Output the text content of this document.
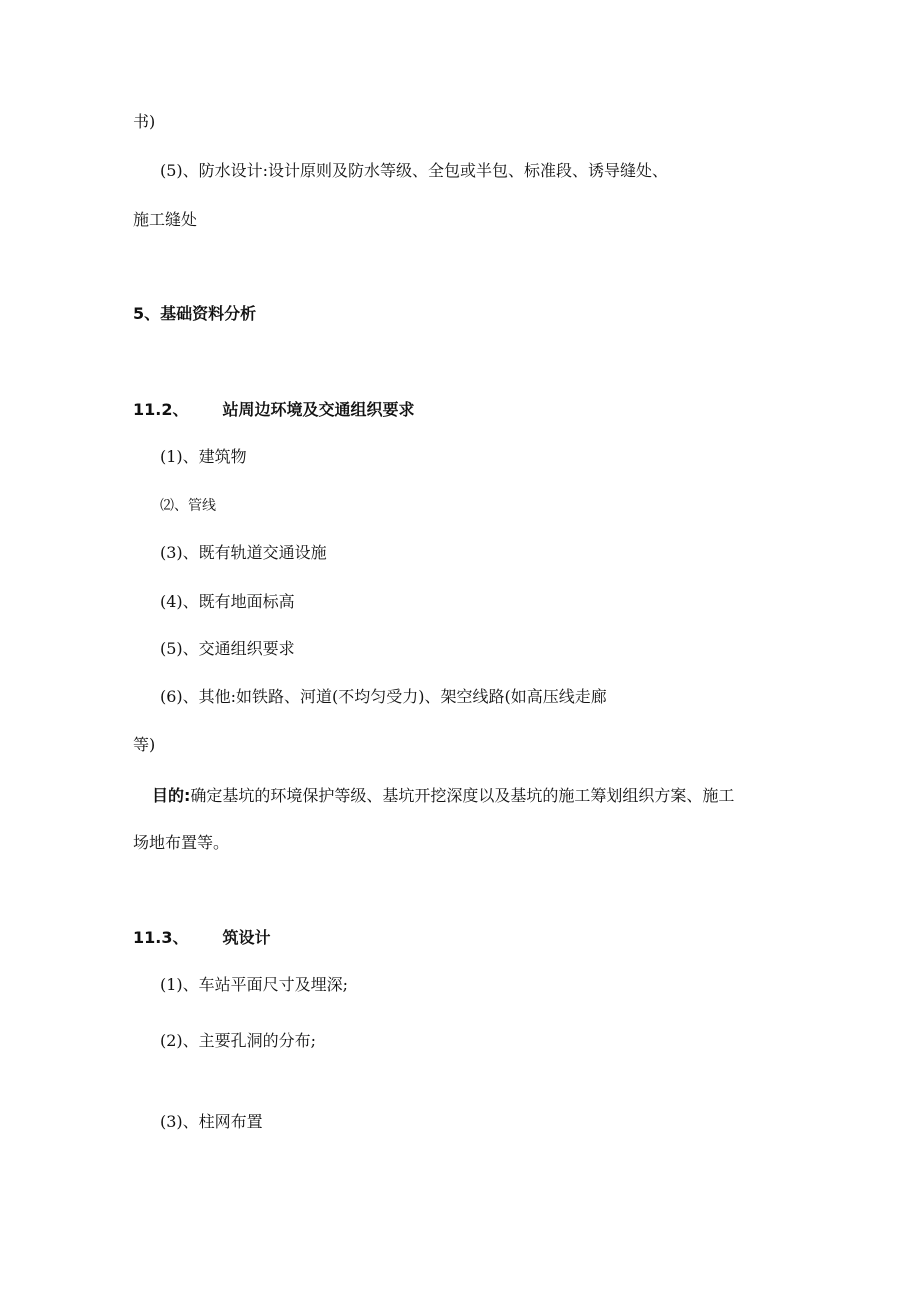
书)
(5)、防水设计:设计原则及防水等级、全包或半包、标准段、诱导缝处、
施工缝处
5、基础资料分析
11.2、 站周边环境及交通组织要求
(1)、建筑物
⑵、管线
(3)、既有轨道交通设施
(4)、既有地面标高
(5)、交通组织要求
(6)、其他:如铁路、河道(不均匀受力)、架空线路(如高压线走廊
等)
目的:确定基坑的环境保护等级、基坑开挖深度以及基坑的施工筹划组织方案、施工
场地布置等。
11.3、 筑设计
(1)、车站平面尺寸及埋深;
(2)、主要孔洞的分布;
(3)、柱网布置
